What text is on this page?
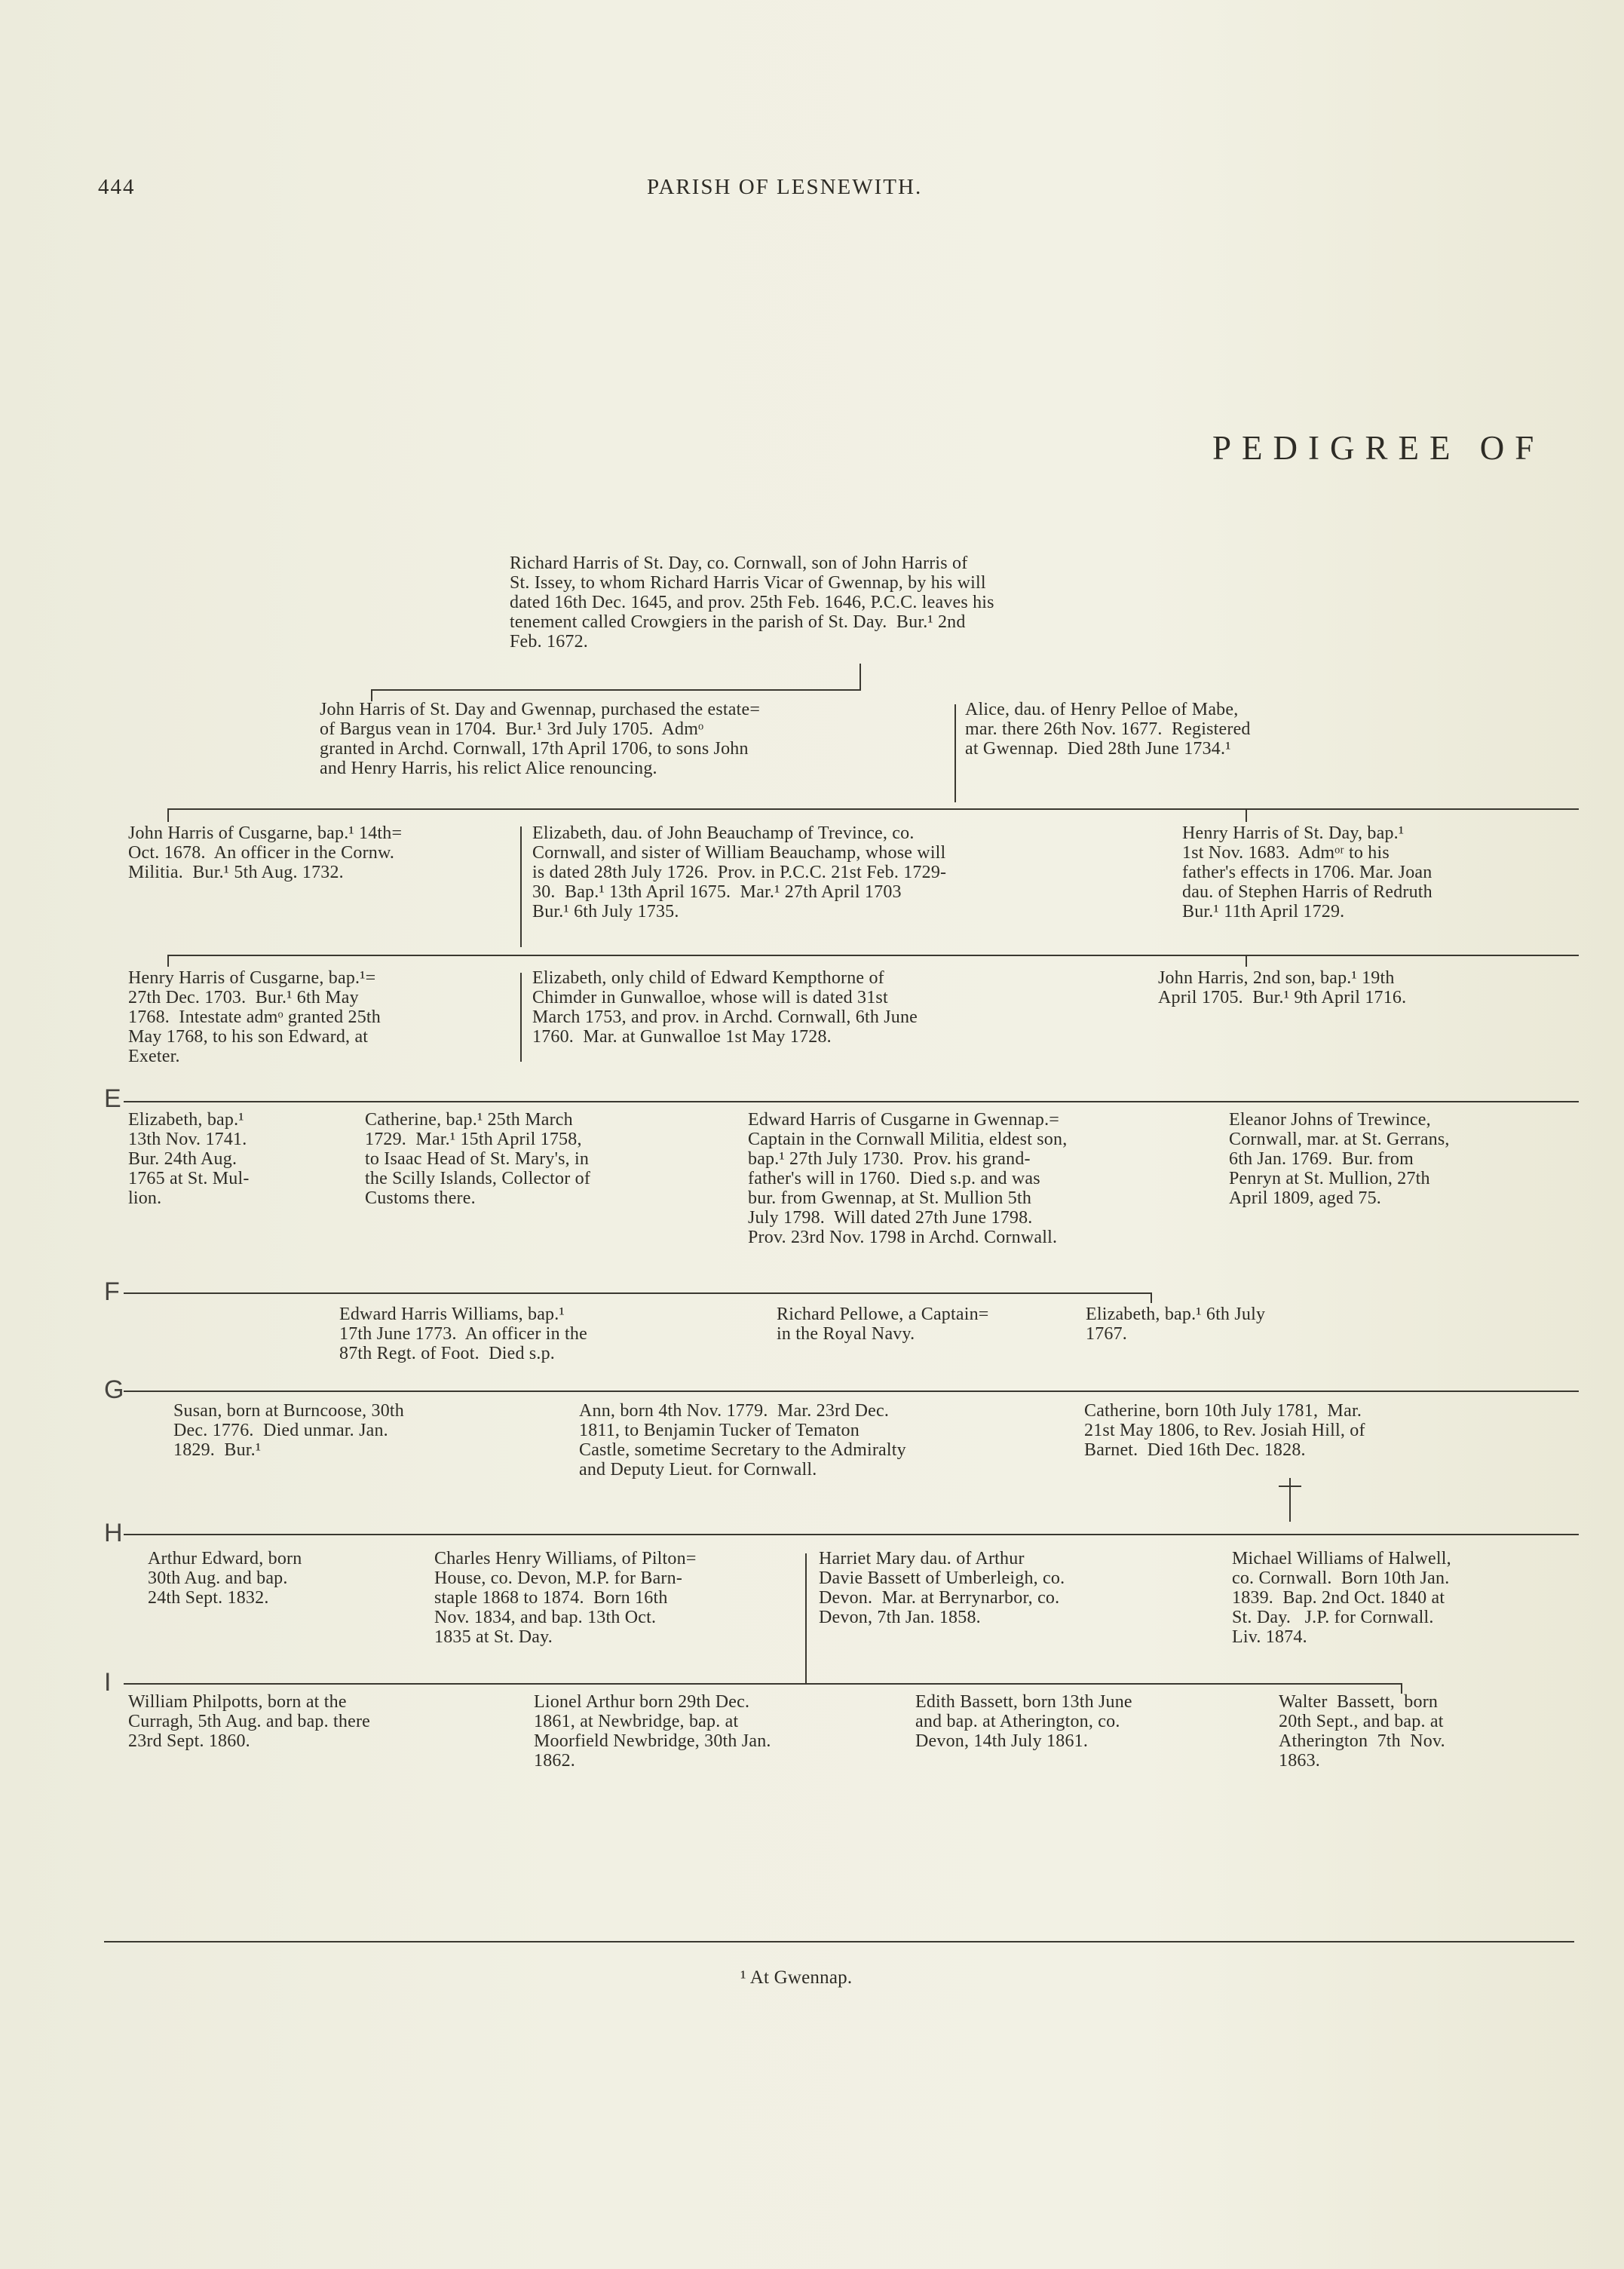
444	PARISH OF LESNEWITH.
PEDIGREE OF
Richard Harris of St. Day, co. Cornwall, son of John Harris of
St. Issey, to whom Richard Harris Vicar of Gwennap, by his will
dated 16th Dec. 1645, and prov. 25th Feb. 1646, P.C.C. leaves his
tenement called Crowgiers in the parish of St. Day.  Bur.¹ 2nd
Feb. 1672.
John Harris of St. Day and Gwennap, purchased the estate=
of Bargus vean in 1704.  Bur.¹ 3rd July 1705.  Admᵒ
granted in Archd. Cornwall, 17th April 1706, to sons John
and Henry Harris, his relict Alice renouncing.
Alice, dau. of Henry Pelloe of Mabe,
mar. there 26th Nov. 1677.  Registered
at Gwennap.  Died 28th June 1734.¹
John Harris of Cusgarne, bap.¹ 14th=
Oct. 1678.  An officer in the Cornw.
Militia.  Bur.¹ 5th Aug. 1732.
Elizabeth, dau. of John Beauchamp of Trevince, co.
Cornwall, and sister of William Beauchamp, whose will
is dated 28th July 1726.  Prov. in P.C.C. 21st Feb. 1729-
30.  Bap.¹ 13th April 1675.  Mar.¹ 27th April 1703
Bur.¹ 6th July 1735.
Henry Harris of St. Day, bap.¹
1st Nov. 1683.  Admᵒʳ to his
father's effects in 1706. Mar. Joan
dau. of Stephen Harris of Redruth
Bur.¹ 11th April 1729.
Henry Harris of Cusgarne, bap.¹=
27th Dec. 1703.  Bur.¹ 6th May
1768.  Intestate admᵒ granted 25th
May 1768, to his son Edward, at
Exeter.
Elizabeth, only child of Edward Kempthorne of
Chimder in Gunwalloe, whose will is dated 31st
March 1753, and prov. in Archd. Cornwall, 6th June
1760.  Mar. at Gunwalloe 1st May 1728.
John Harris, 2nd son, bap.¹ 19th
April 1705.  Bur.¹ 9th April 1716.
E
Elizabeth, bap.¹
13th Nov. 1741.
Bur. 24th Aug.
1765 at St. Mul-
lion.
Catherine, bap.¹ 25th March
1729.  Mar.¹ 15th April 1758,
to Isaac Head of St. Mary's, in
the Scilly Islands, Collector of
Customs there.
Edward Harris of Cusgarne in Gwennap.=
Captain in the Cornwall Militia, eldest son,
bap.¹ 27th July 1730.  Prov. his grand-
father's will in 1760.  Died s.p. and was
bur. from Gwennap, at St. Mullion 5th
July 1798.  Will dated 27th June 1798.
Prov. 23rd Nov. 1798 in Archd. Cornwall.
Eleanor Johns of Trewince,
Cornwall, mar. at St. Gerrans,
6th Jan. 1769.  Bur. from
Penryn at St. Mullion, 27th
April 1809, aged 75.
F
Edward Harris Williams, bap.¹
17th June 1773.  An officer in the
87th Regt. of Foot.  Died s.p.
Richard Pellowe, a Captain=
in the Royal Navy.
Elizabeth, bap.¹ 6th July
1767.
G
Susan, born at Burncoose, 30th
Dec. 1776.  Died unmar. Jan.
1829.  Bur.¹
Ann, born 4th Nov. 1779.  Mar. 23rd Dec.
1811, to Benjamin Tucker of Tematon
Castle, sometime Secretary to the Admiralty
and Deputy Lieut. for Cornwall.
Catherine, born 10th July 1781,  Mar.
21st May 1806, to Rev. Josiah Hill, of
Barnet.  Died 16th Dec. 1828.
H
Arthur Edward, born
30th Aug. and bap.
24th Sept. 1832.
Charles Henry Williams, of Pilton=
House, co. Devon, M.P. for Barn-
staple 1868 to 1874.  Born 16th
Nov. 1834, and bap. 13th Oct.
1835 at St. Day.
Harriet Mary dau. of Arthur
Davie Bassett of Umberleigh, co.
Devon.  Mar. at Berrynarbor, co.
Devon, 7th Jan. 1858.
Michael Williams of Halwell,
co. Cornwall.  Born 10th Jan.
1839.  Bap. 2nd Oct. 1840 at
St. Day.   J.P. for Cornwall.
Liv. 1874.
I
William Philpotts, born at the
Curragh, 5th Aug. and bap. there
23rd Sept. 1860.
Lionel Arthur born 29th Dec.
1861, at Newbridge, bap. at
Moorfield Newbridge, 30th Jan.
1862.
Edith Bassett, born 13th June
and bap. at Atherington, co.
Devon, 14th July 1861.
Walter  Bassett,  born
20th Sept., and bap. at
Atherington  7th  Nov.
1863.
¹ At Gwennap.
